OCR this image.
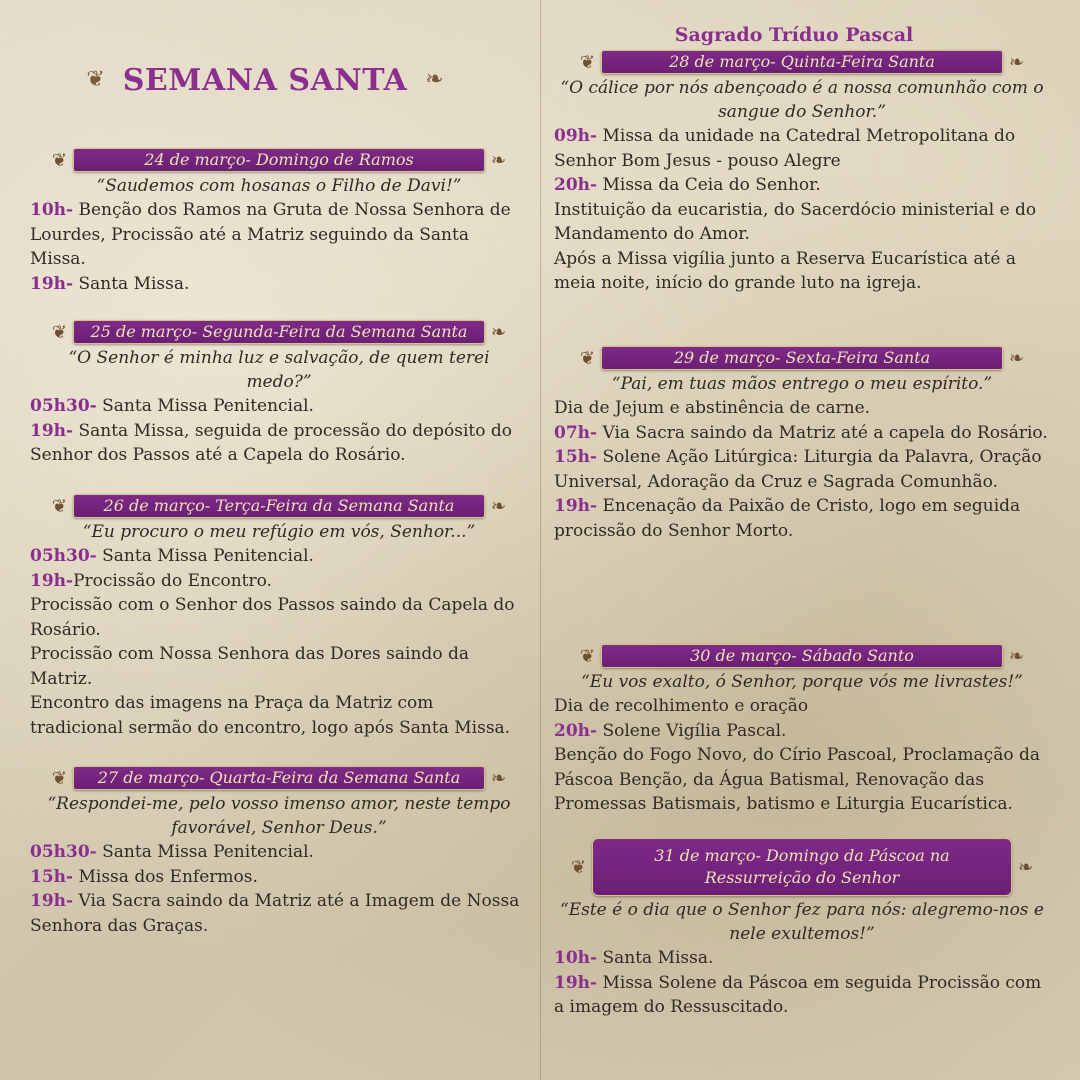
❦ SEMANA SANTA ❧
❦	24 de março- Domingo de Ramos	❧
“Saudemos com hosanas o Filho de Davi!”
10h- Benção dos Ramos na Gruta de Nossa Senhora de Lourdes, Procissão até a Matriz seguindo da Santa Missa.
19h- Santa Missa.
❦	25 de março- Segunda-Feira da Semana Santa	❧
“O Senhor é minha luz e salvação, de quem terei medo?”
05h30- Santa Missa Penitencial.
19h- Santa Missa, seguida de processão do depósito do Senhor dos Passos até a Capela do Rosário.
❦	26 de março- Terça-Feira da Semana Santa	❧
“Eu procuro o meu refúgio em vós, Senhor...”
05h30- Santa Missa Penitencial.
19h-Procissão do Encontro.
Procissão com o Senhor dos Passos saindo da Capela do Rosário.
Procissão com Nossa Senhora das Dores saindo da Matriz.
Encontro das imagens na Praça da Matriz com tradicional sermão do encontro, logo após Santa Missa.
❦	27 de março- Quarta-Feira da Semana Santa	❧
“Respondei-me, pelo vosso imenso amor, neste tempo favorável, Senhor Deus.”
05h30- Santa Missa Penitencial.
15h- Missa dos Enfermos.
19h- Via Sacra saindo da Matriz até a Imagem de Nossa Senhora das Graças.
Sagrado Tríduo Pascal
❦	28 de março- Quinta-Feira Santa	❧
“O cálice por nós abençoado é a nossa comunhão com o sangue do Senhor.”
09h- Missa da unidade na Catedral Metropolitana do Senhor Bom Jesus - pouso Alegre
20h- Missa da Ceia do Senhor.
Instituição da eucaristia, do Sacerdócio ministerial e do Mandamento do Amor.
Após a Missa vigília junto a Reserva Eucarística até a meia noite, início do grande luto na igreja.
❦	29 de março- Sexta-Feira Santa	❧
“Pai, em tuas mãos entrego o meu espírito.”
Dia de Jejum e abstinência de carne.
07h- Via Sacra saindo da Matriz até a capela do Rosário.
15h- Solene Ação Litúrgica: Liturgia da Palavra, Oração Universal, Adoração da Cruz e Sagrada Comunhão.
19h- Encenação da Paixão de Cristo, logo em seguida procissão do Senhor Morto.
❦	30 de março- Sábado Santo	❧
“Eu vos exalto, ó Senhor, porque vós me livrastes!”
Dia de recolhimento e oração
20h- Solene Vigília Pascal.
Benção do Fogo Novo, do Círio Pascoal, Proclamação da Páscoa Benção, da Água Batismal, Renovação das Promessas Batismais, batismo e Liturgia Eucarística.
❦
31 de março- Domingo da Páscoa na Ressurreição do Senhor	❧
“Este é o dia que o Senhor fez para nós: alegremo-nos e nele exultemos!”
10h- Santa Missa.
19h- Missa Solene da Páscoa em seguida Procissão com a imagem do Ressuscitado.
